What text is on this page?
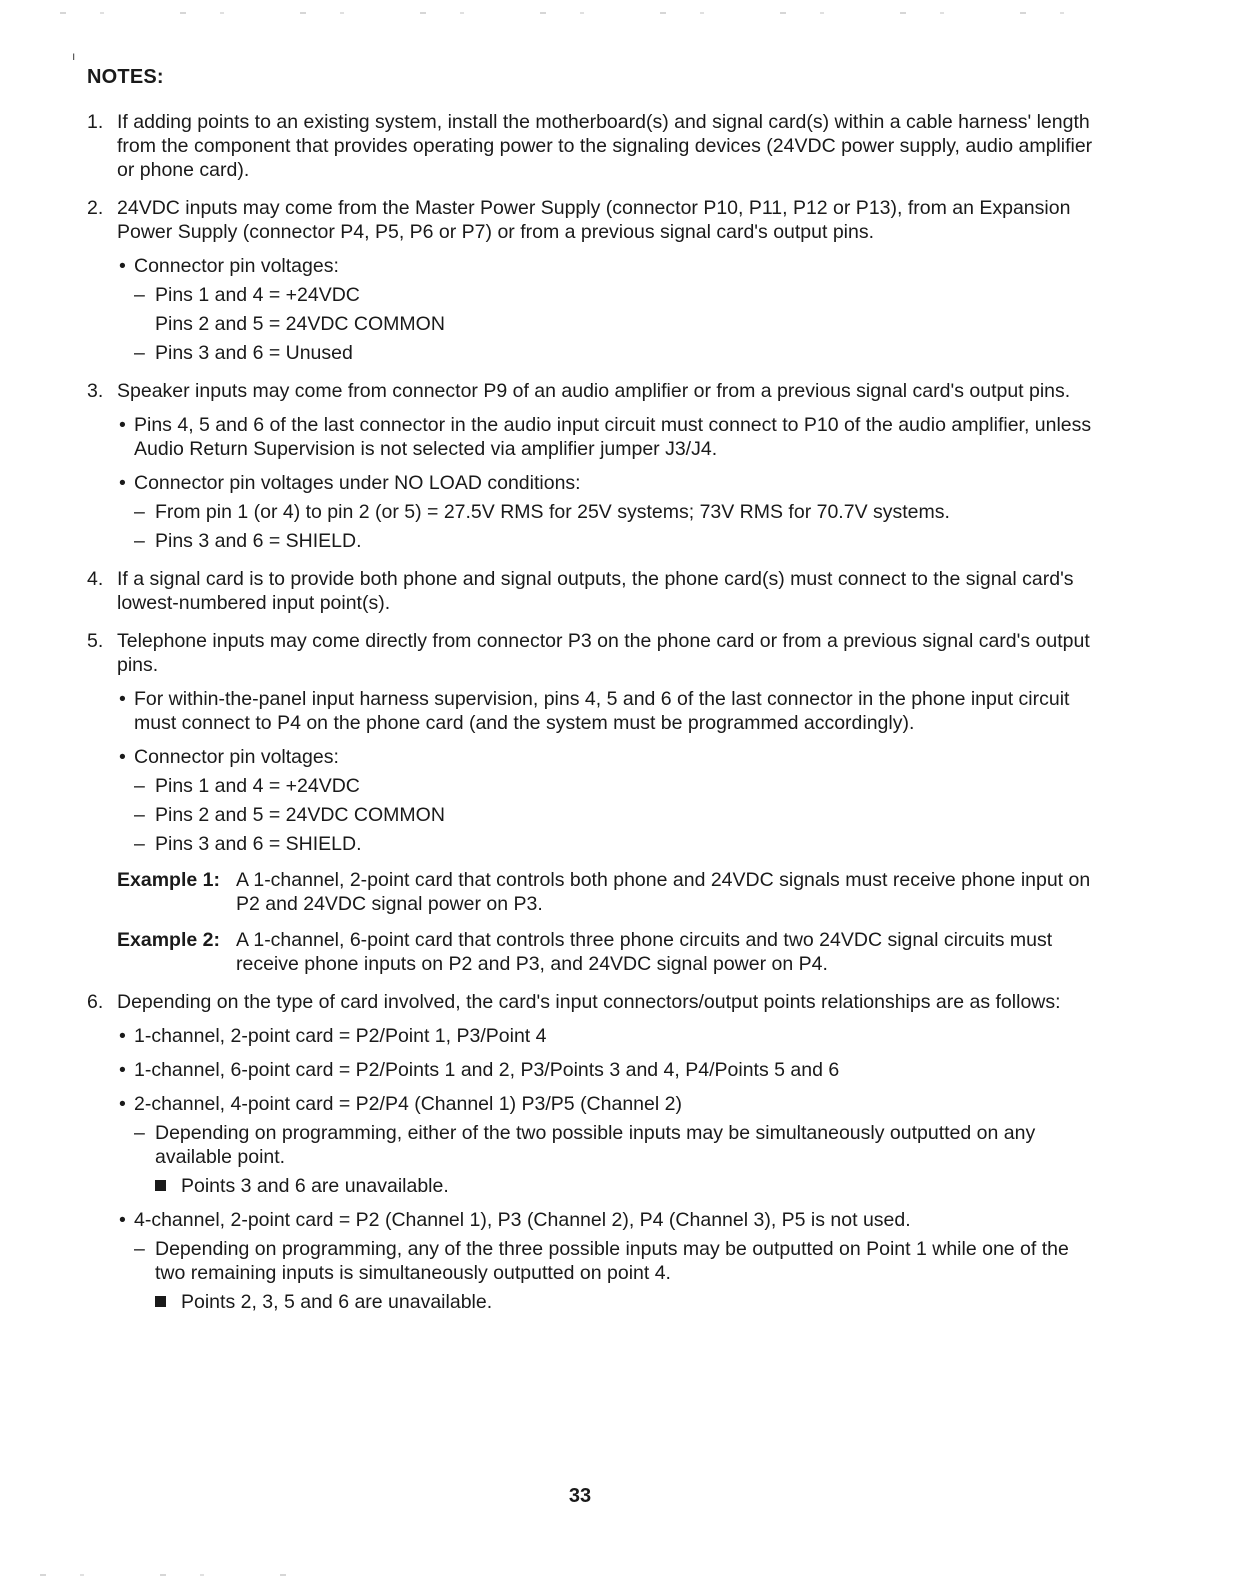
ı
NOTES:
1. If adding points to an existing system, install the motherboard(s) and signal card(s) within a cable harness' length from the component that provides operating power to the signaling devices (24VDC power supply, audio amplifier or phone card).

2. 24VDC inputs may come from the Master Power Supply (connector P10, P11, P12 or P13), from an Expansion Power Supply (connector P4, P5, P6 or P7) or from a previous signal card's output pins.

• Connector pin voltages:
– Pins 1 and 4 = +24VDC
Pins 2 and 5 = 24VDC COMMON
– Pins 3 and 6 = Unused
3. Speaker inputs may come from connector P9 of an audio amplifier or from a previous signal card's output pins.

• Pins 4, 5 and 6 of the last connector in the audio input circuit must connect to P10 of the audio amplifier, unless Audio Return Supervision is not selected via amplifier jumper J3/J4.
• Connector pin voltages under NO LOAD conditions:
– From pin 1 (or 4) to pin 2 (or 5) = 27.5V RMS for 25V systems; 73V RMS for 70.7V systems.
– Pins 3 and 6 = SHIELD.
4. If a signal card is to provide both phone and signal outputs, the phone card(s) must connect to the signal card's lowest-numbered input point(s).

5. Telephone inputs may come directly from connector P3 on the phone card or from a previous signal card's output pins.

• For within-the-panel input harness supervision, pins 4, 5 and 6 of the last connector in the phone input circuit must connect to P4 on the phone card (and the system must be programmed accordingly).
• Connector pin voltages:
– Pins 1 and 4 = +24VDC
– Pins 2 and 5 = 24VDC COMMON
– Pins 3 and 6 = SHIELD.
Example 1: A 1-channel, 2-point card that controls both phone and 24VDC signals must receive phone input on P2 and 24VDC signal power on P3.
Example 2: A 1-channel, 6-point card that controls three phone circuits and two 24VDC signal circuits must receive phone inputs on P2 and P3, and 24VDC signal power on P4.
6. Depending on the type of card involved, the card's input connectors/output points relationships are as follows:

• 1-channel, 2-point card = P2/Point 1, P3/Point 4
• 1-channel, 6-point card = P2/Points 1 and 2, P3/Points 3 and 4, P4/Points 5 and 6
• 2-channel, 4-point card = P2/P4 (Channel 1) P3/P5 (Channel 2)
– Depending on programming, either of the two possible inputs may be simultaneously outputted on any available point.
Points 3 and 6 are unavailable.
• 4-channel, 2-point card = P2 (Channel 1), P3 (Channel 2), P4 (Channel 3), P5 is not used.
– Depending on programming, any of the three possible inputs may be outputted on Point 1 while one of the two remaining inputs is simultaneously outputted on point 4.
Points 2, 3, 5 and 6 are unavailable.
33
